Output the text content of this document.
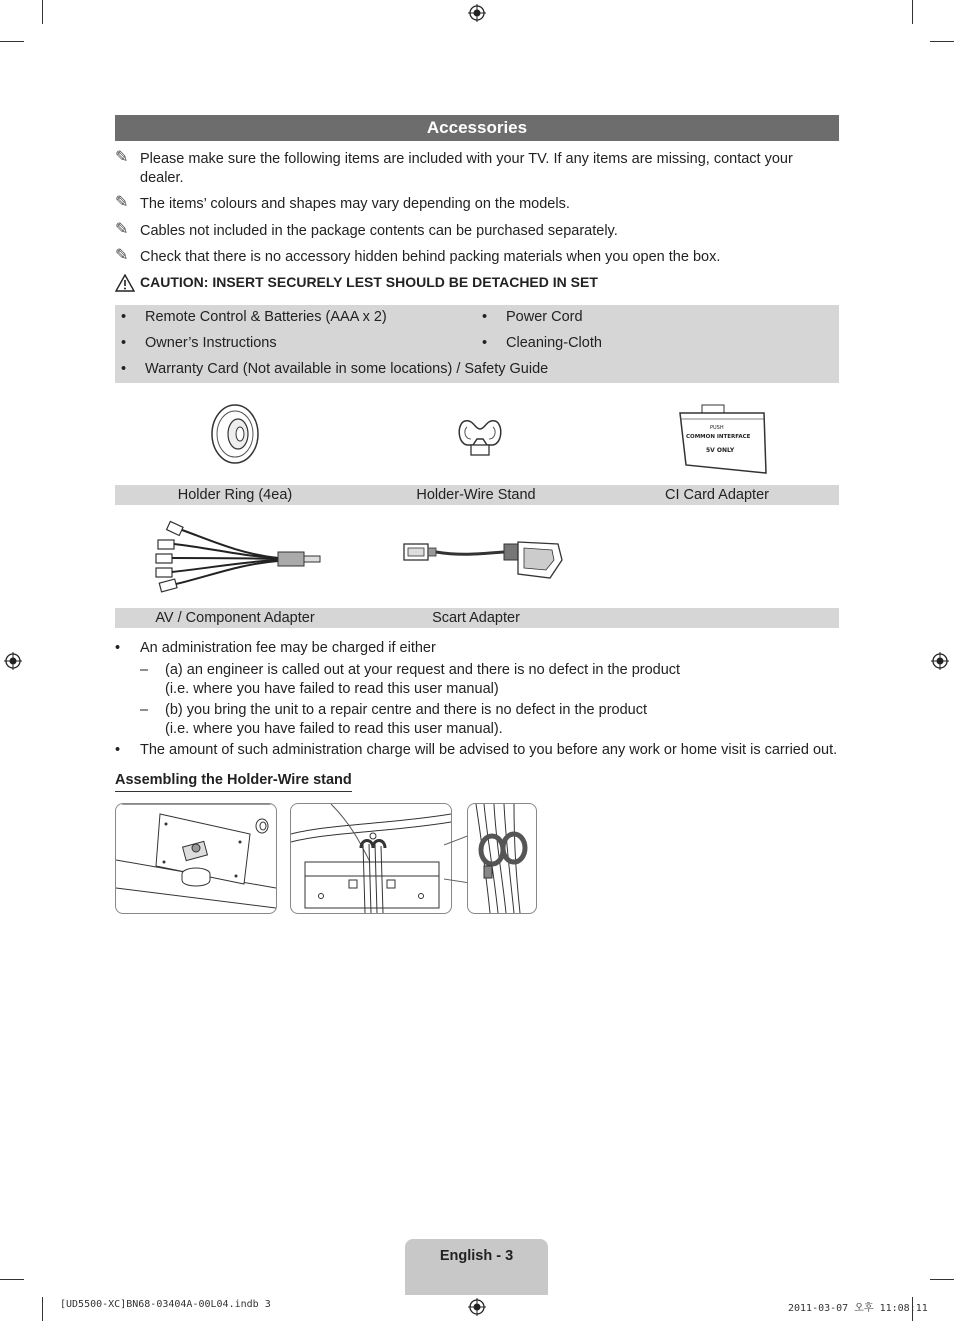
Accessories
✎ Please make sure the following items are included with your TV. If any items are missing, contact your dealer.
✎ The items’ colours and shapes may vary depending on the models.
✎ Cables not included in the package contents can be purchased separately.
✎ Check that there is no accessory hidden behind packing materials when you open the box.
CAUTION: INSERT SECURELY LEST SHOULD BE DETACHED IN SET
• Remote Control & Batteries (AAA x 2)
• Owner’s Instructions
• Warranty Card (Not available in some locations) / Safety Guide
• Power Cord
• Cleaning-Cloth
PUSH
COMMON INTERFACE
5V ONLY
Holder Ring (4ea)	Holder-Wire Stand	CI Card Adapter
AV / Component Adapter	Scart Adapter
• An administration fee may be charged if either
– (a) an engineer is called out at your request and there is no defect in the product
(i.e. where you have failed to read this user manual)
– (b) you bring the unit to a repair centre and there is no defect in the product
(i.e. where you have failed to read this user manual).
• The amount of such administration charge will be advised to you before any work or home visit is carried out.
Assembling the Holder-Wire stand
English - 3
[UD5500-XC]BN68-03404A-00L04.indb 3	2011-03-07 오후 11:08:11
